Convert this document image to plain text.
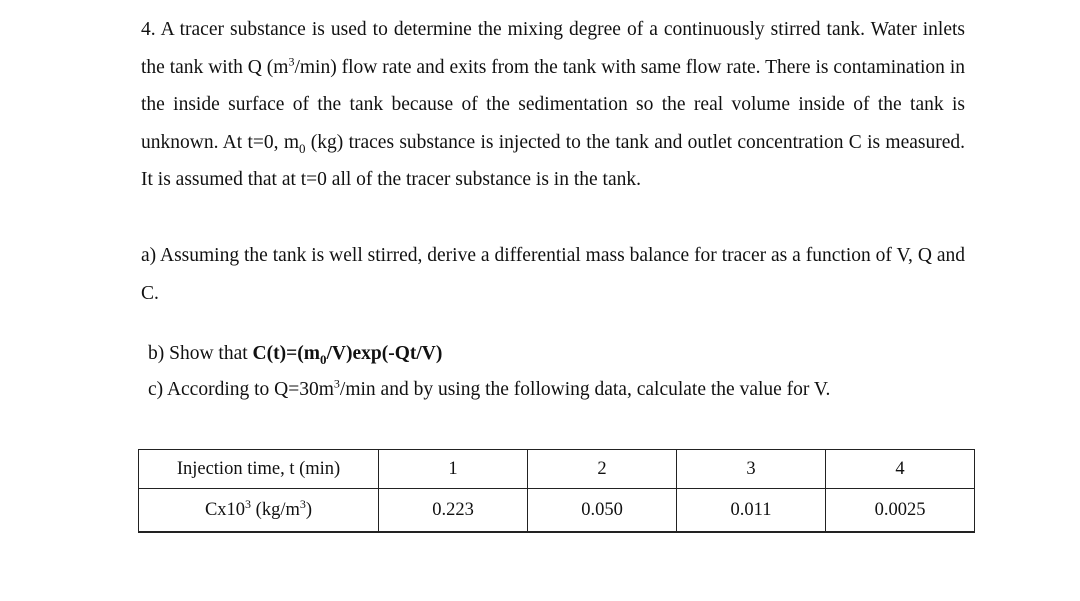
4. A tracer substance is used to determine the mixing degree of a continuously stirred tank. Water inlets the tank with Q $(m^3/\min)$ flow rate and exits from the tank with same flow rate. There is contamination in the inside surface of the tank because of the sedimentation so the real volume inside of the tank is unknown. At t=0, $m_0$ (kg) traces substance is injected to the tank and outlet concentration C is measured. It is assumed that at t=0 all of the tracer substance is in the tank.

a) Assuming the tank is well stirred, derive a differential mass balance for tracer as a function of V, Q and C.

b) Show that $C(t)=(m_0/V)\exp(-Qt/V)$

c) According to $Q=30m^3/\min$ and by using the following data, calculate the value for V.

Injection time, t (min)	1	2	3	4
$Cx10^3$ $(kg/m^3)$	0.223	0.050	0.011	0.0025
